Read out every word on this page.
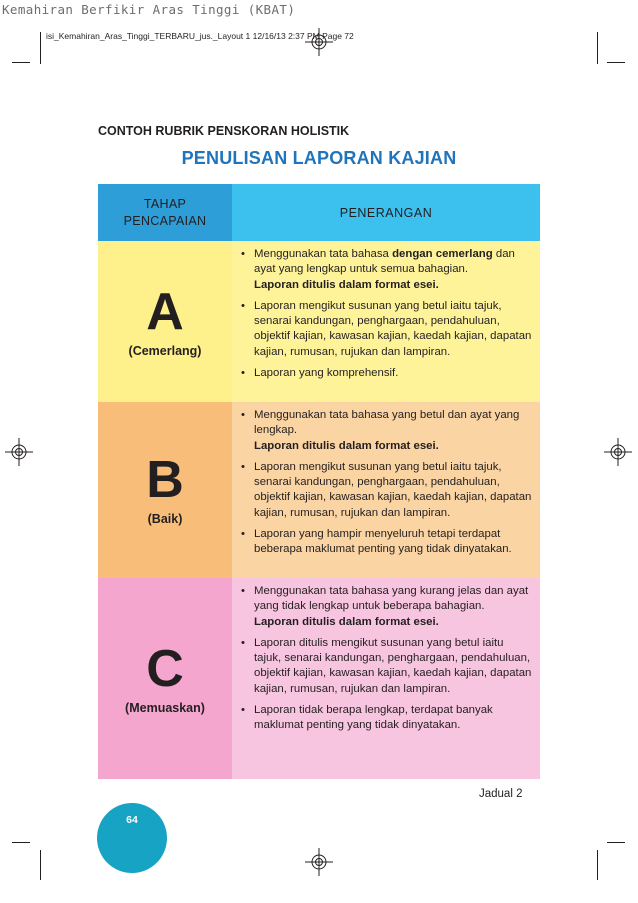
Kemahiran Berfikir Aras Tinggi (KBAT)
isi_Kemahiran_Aras_Tinggi_TERBARU_jus._Layout 1 12/16/13 2:37 PM Page 72
CONTOH RUBRIK PENSKORAN HOLISTIK
PENULISAN LAPORAN KAJIAN
TAHAP
PENCAPAIAN
PENERANGAN
A
(Cemerlang)
• Menggunakan tata bahasa dengan cemerlang dan ayat yang lengkap untuk semua bahagian.
Laporan ditulis dalam format esei.
• Laporan mengikut susunan yang betul iaitu tajuk, senarai kandungan, penghargaan, pendahuluan, objektif kajian, kawasan kajian, kaedah kajian, dapatan kajian, rumusan, rujukan dan lampiran.
• Laporan yang komprehensif.
B
(Baik)
• Menggunakan tata bahasa yang betul dan ayat yang lengkap.
Laporan ditulis dalam format esei.
• Laporan mengikut susunan yang betul iaitu tajuk, senarai kandungan, penghargaan, pendahuluan, objektif kajian, kawasan kajian, kaedah kajian, dapatan kajian, rumusan, rujukan dan lampiran.
• Laporan yang hampir menyeluruh tetapi terdapat beberapa maklumat penting yang tidak dinyatakan.
C
(Memuaskan)
• Menggunakan tata bahasa yang kurang jelas dan ayat yang tidak lengkap untuk beberapa bahagian.
Laporan ditulis dalam format esei.
• Laporan ditulis mengikut susunan yang betul iaitu tajuk, senarai kandungan, penghargaan, pendahuluan, objektif kajian, kawasan kajian, kaedah kajian, dapatan kajian, rumusan, rujukan dan lampiran.
• Laporan tidak berapa lengkap, terdapat banyak maklumat penting yang tidak dinyatakan.
Jadual 2
64
